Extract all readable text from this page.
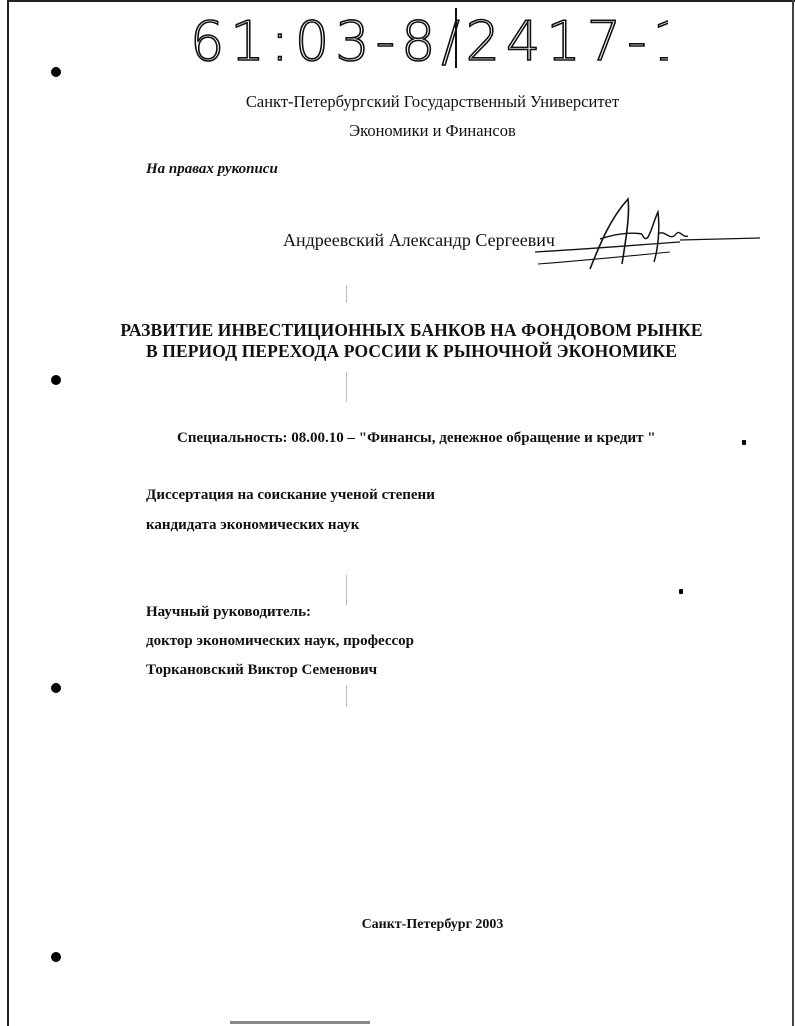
61:03-8/2417-1
Санкт-Петербургский Государственный Университет
Экономики и Финансов
На правах рукописи
Андреевский Александр Сергеевич
РАЗВИТИЕ ИНВЕСТИЦИОННЫХ БАНКОВ НА ФОНДОВОМ РЫНКЕ
В ПЕРИОД ПЕРЕХОДА РОССИИ К РЫНОЧНОЙ ЭКОНОМИКЕ
Специальность: 08.00.10 – "Финансы, денежное обращение и кредит "
Диссертация на соискание ученой степени
кандидата экономических наук
Научный руководитель:
доктор экономических наук, профессор
Торкановский Виктор Семенович
Санкт-Петербург 2003
